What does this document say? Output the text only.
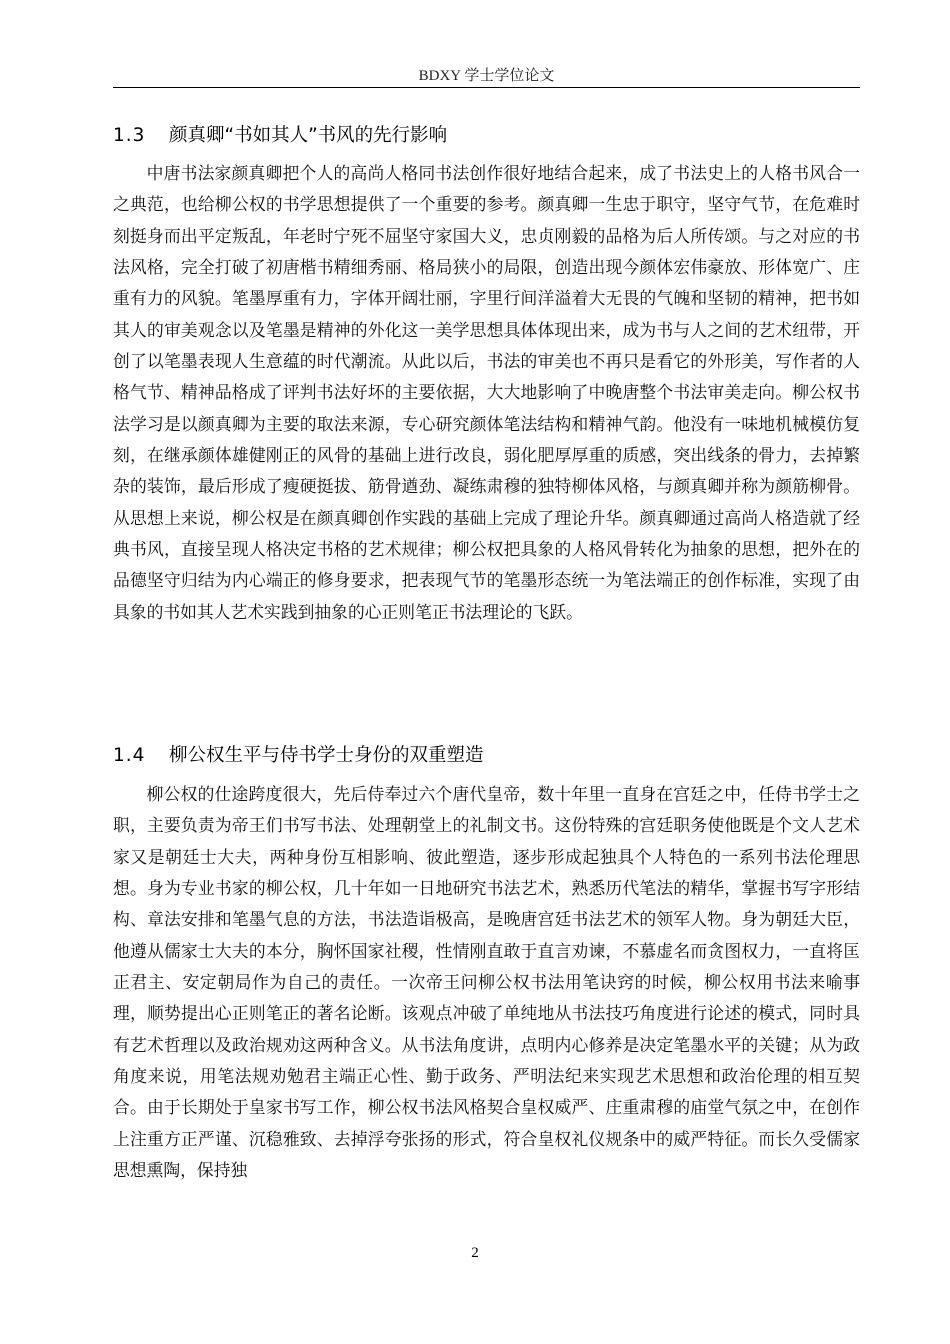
BDXY 学士学位论文
1.3 颜真卿“书如其人”书风的先行影响

中唐书法家颜真卿把个人的高尚人格同书法创作很好地结合起来，成了书法史上的人格书风合一之典范，也给柳公权的书学思想提供了一个重要的参考。颜真卿一生忠于职守，坚守气节，在危难时刻挺身而出平定叛乱，年老时宁死不屈坚守家国大义，忠贞刚毅的品格为后人所传颂。与之对应的书法风格，完全打破了初唐楷书精细秀丽、格局狭小的局限，创造出现今颜体宏伟豪放、形体宽广、庄重有力的风貌。笔墨厚重有力，字体开阔壮丽，字里行间洋溢着大无畏的气魄和坚韧的精神，把书如其人的审美观念以及笔墨是精神的外化这一美学思想具体体现出来，成为书与人之间的艺术纽带，开创了以笔墨表现人生意蕴的时代潮流。从此以后，书法的审美也不再只是看它的外形美，写作者的人格气节、精神品格成了评判书法好坏的主要依据，大大地影响了中晚唐整个书法审美走向。柳公权书法学习是以颜真卿为主要的取法来源，专心研究颜体笔法结构和精神气韵。他没有一味地机械模仿复刻，在继承颜体雄健刚正的风骨的基础上进行改良，弱化肥厚厚重的质感，突出线条的骨力，去掉繁杂的装饰，最后形成了瘦硬挺拔、筋骨遒劲、凝练肃穆的独特柳体风格，与颜真卿并称为颜筋柳骨。从思想上来说，柳公权是在颜真卿创作实践的基础上完成了理论升华。颜真卿通过高尚人格造就了经典书风，直接呈现人格决定书格的艺术规律；柳公权把具象的人格风骨转化为抽象的思想，把外在的品德坚守归结为内心端正的修身要求，把表现气节的笔墨形态统一为笔法端正的创作标准，实现了由具象的书如其人艺术实践到抽象的心正则笔正书法理论的飞跃。

1.4 柳公权生平与侍书学士身份的双重塑造

柳公权的仕途跨度很大，先后侍奉过六个唐代皇帝，数十年里一直身在宫廷之中，任侍书学士之职，主要负责为帝王们书写书法、处理朝堂上的礼制文书。这份特殊的宫廷职务使他既是个文人艺术家又是朝廷士大夫，两种身份互相影响、彼此塑造，逐步形成起独具个人特色的一系列书法伦理思想。身为专业书家的柳公权，几十年如一日地研究书法艺术，熟悉历代笔法的精华，掌握书写字形结构、章法安排和笔墨气息的方法，书法造诣极高，是晚唐宫廷书法艺术的领军人物。身为朝廷大臣，他遵从儒家士大夫的本分，胸怀国家社稷，性情刚直敢于直言劝谏，不慕虚名而贪图权力，一直将匡正君主、安定朝局作为自己的责任。一次帝王问柳公权书法用笔诀窍的时候，柳公权用书法来喻事理，顺势提出心正则笔正的著名论断。该观点冲破了单纯地从书法技巧角度进行论述的模式，同时具有艺术哲理以及政治规劝这两种含义。从书法角度讲，点明内心修养是决定笔墨水平的关键；从为政角度来说，用笔法规劝勉君主端正心性、勤于政务、严明法纪来实现艺术思想和政治伦理的相互契合。由于长期处于皇家书写工作，柳公权书法风格契合皇权威严、庄重肃穆的庙堂气氛之中，在创作上注重方正严谨、沉稳雅致、去掉浮夸张扬的形式，符合皇权礼仪规条中的威严特征。而长久受儒家思想熏陶，保持独

2
